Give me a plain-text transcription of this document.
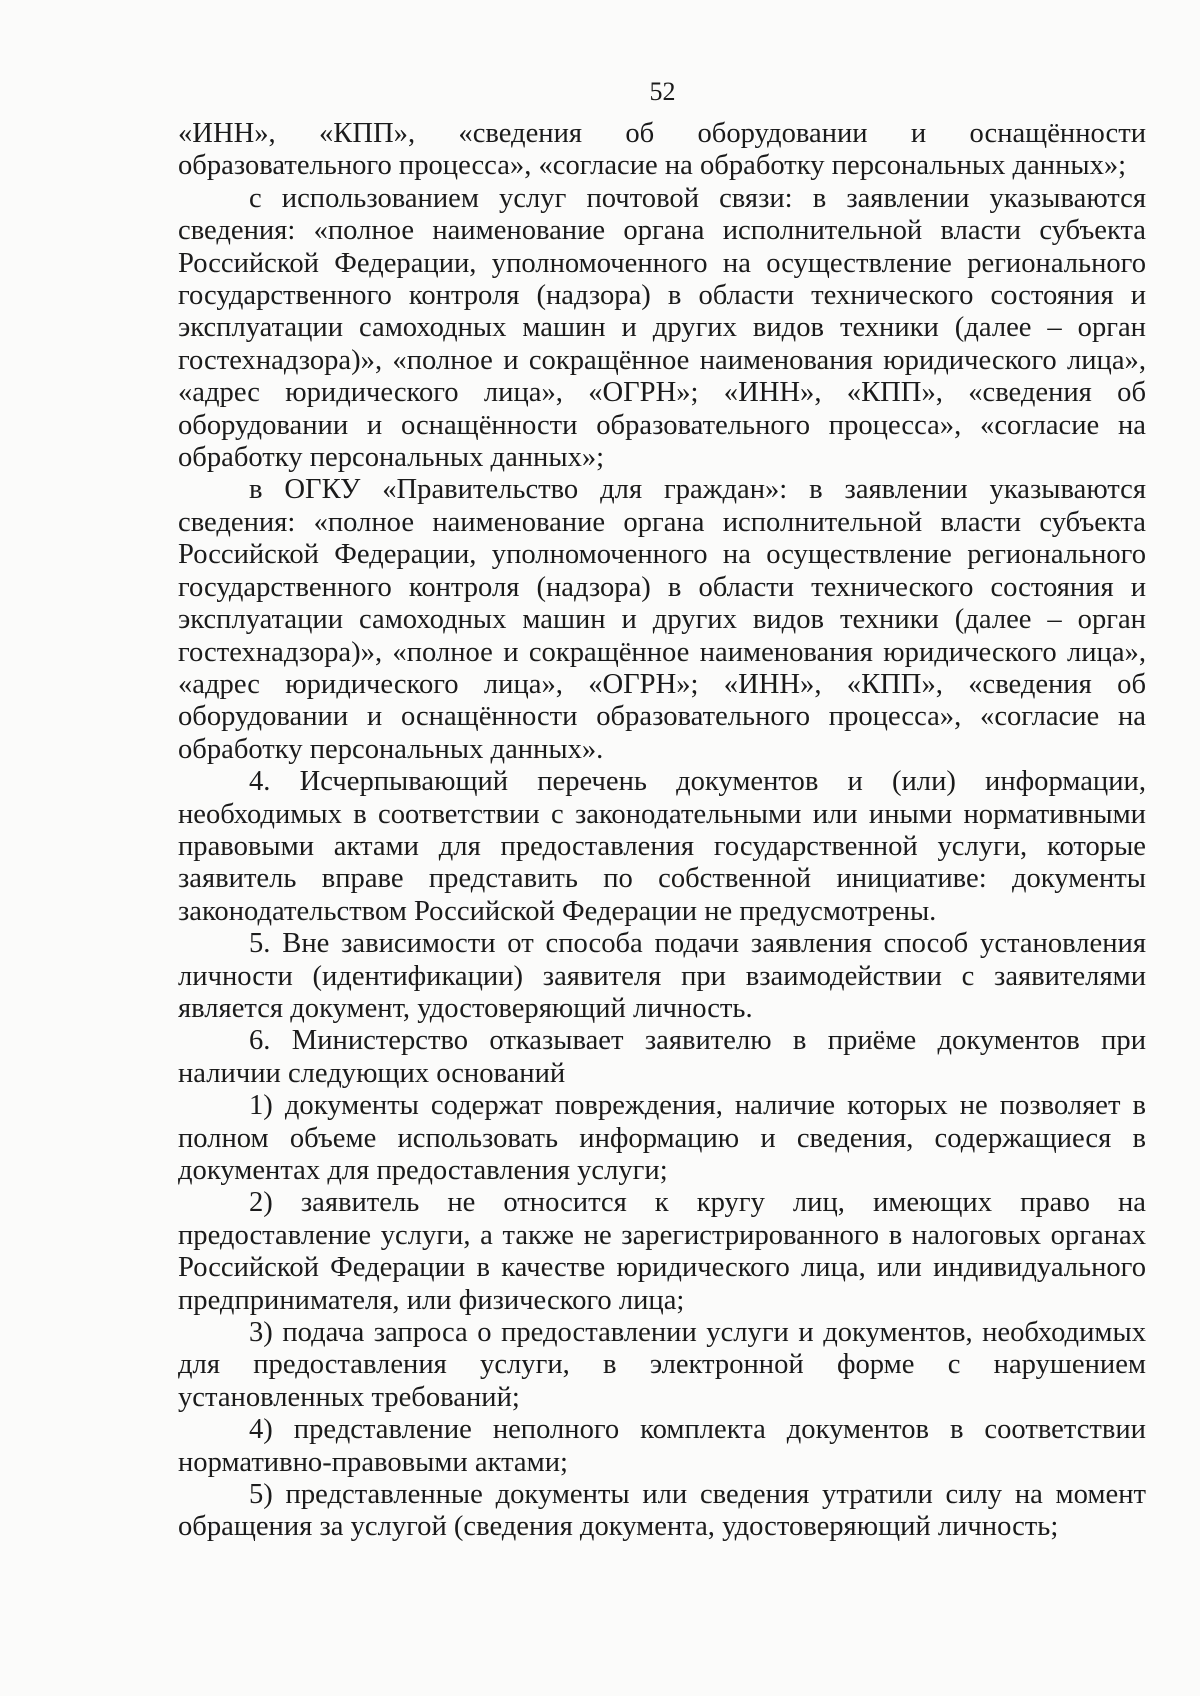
52

«ИНН», «КПП», «сведения об оборудовании и оснащённости образовательного процесса», «согласие на обработку персональных данных»;

с использованием услуг почтовой связи: в заявлении указываются сведения: «полное наименование органа исполнительной власти субъекта Российской Федерации, уполномоченного на осуществление регионального государственного контроля (надзора) в области технического состояния и эксплуатации самоходных машин и других видов техники (далее – орган гостехнадзора)», «полное и сокращённое наименования юридического лица», «адрес юридического лица», «ОГРН»; «ИНН», «КПП», «сведения об оборудовании и оснащённости образовательного процесса», «согласие на обработку персональных данных»;

в ОГКУ «Правительство для граждан»: в заявлении указываются сведения: «полное наименование органа исполнительной власти субъекта Российской Федерации, уполномоченного на осуществление регионального государственного контроля (надзора) в области технического состояния и эксплуатации самоходных машин и других видов техники (далее – орган гостехнадзора)», «полное и сокращённое наименования юридического лица», «адрес юридического лица», «ОГРН»; «ИНН», «КПП», «сведения об оборудовании и оснащённости образовательного процесса», «согласие на обработку персональных данных».

4. Исчерпывающий перечень документов и (или) информации, необходимых в соответствии с законодательными или иными нормативными правовыми актами для предоставления государственной услуги, которые заявитель вправе представить по собственной инициативе: документы законодательством Российской Федерации не предусмотрены.

5. Вне зависимости от способа подачи заявления способ установления личности (идентификации) заявителя при взаимодействии с заявителями является документ, удостоверяющий личность.

6. Министерство отказывает заявителю в приёме документов при наличии следующих оснований

1) документы содержат повреждения, наличие которых не позволяет в полном объеме использовать информацию и сведения, содержащиеся в документах для предоставления услуги;

2) заявитель не относится к кругу лиц, имеющих право на предоставление услуги, а также не зарегистрированного в налоговых органах Российской Федерации в качестве юридического лица, или индивидуального предпринимателя, или физического лица;

3) подача запроса о предоставлении услуги и документов, необходимых для предоставления услуги, в электронной форме с нарушением установленных требований;

4) представление неполного комплекта документов в соответствии нормативно-правовыми актами;

5) представленные документы или сведения утратили силу на момент обращения за услугой (сведения документа, удостоверяющий личность;
